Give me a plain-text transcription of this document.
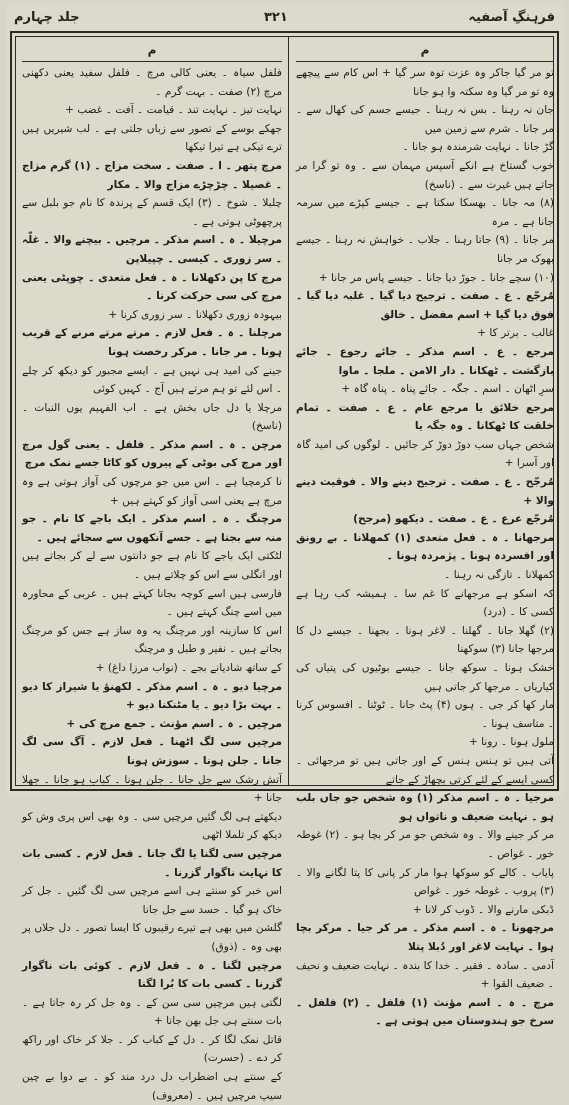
جلد چہارم	۳۲۱	فرہنگِ آصفیہ
م

تو مر گیا جاکر وہ عزت توہ سر گیا + اس کام سے پیچھے وہ تو مر گیا وہ سکتہ وا ہو جانا

جان نہ رہنا ۔ بس نہ رہنا ۔ جیسے جسم کی کھال سے ۔ مر جانا ۔ شرم سے زمین میں

گڑ جانا ۔ نہایت شرمندہ ہو جانا ۔

خوب گستاخ ہے انکے آسپس مہمان سے ۔ وہ تو گرا مر جاتے ہیں غیرت سے ۔ (ناسخ)

(۸) مہ جانا ۔ بھسکا سکتا ہے ۔ جیسے کپڑے میں سرمہ جانا ہے ۔ مرہ

مر جانا ۔ (۹) جاتا رہنا ۔ جلاب ۔ خواہش نہ رہنا ۔ جیسے بھوک مر جانا

(۱۰) سچے جانا ۔ جوڑ دیا جانا ۔ جیسے پاس مر جانا +

مُرجّع ۔ ع ۔ صفت ۔ ترجیح دیا گیا ۔ غلبہ دیا گیا ۔ فوق دیا گیا + اسم مفضل ۔ خالق

غالب ۔ برتر کا +

مرجع ۔ ع ۔ اسم مذکر ۔ جائے رجوع ۔ جائے بازگشت ۔ ٹھکانا ۔ دار الامن ۔ ملجا ۔ ماوا

سرِ اٹھان ۔ اسم ۔ جگہ ۔ جائے پناہ ۔ پناہ گاہ +

مرجع خلائق یا مرجع عام ۔ ع ۔ صفت ۔ تمام خلقت کا ٹھکانا ۔ وہ جگہ یا

شخص جہاں سب دوڑ دوڑ کر جائیں ۔ لوگوں کی امید گاہ اور آسرا +

مُرجّح ۔ ع ۔ صفت ۔ ترجیح دینے والا ۔ فوقیت دینے والا +

مُرجّع عرع ۔ ع ۔ صفت ۔ دیکھو (مرجح)

مرجھانا ۔ ہ ۔ فعل متعدی (۱) کمھلانا ۔ بے رونق اور افسردہ ہونا ۔ پژمردہ ہونا ۔

کمھلانا ۔ تازگی نہ رہنا ۔

کہ اسکو ہے مرجھانے کا غم سا ۔ ہمیشہ کب رہا ہے کسی کا ۔ (درد)

(۲) گھلا جانا ۔ گھلنا ۔ لاغر ہونا ۔ بجھنا ۔ جیسے دل کا مرجھا جانا (۳) سوکھنا

خشک ہونا ۔ سوکھ جانا ۔ جیسے بوٹیوں کی پتیاں کی کیاریاں ۔ مرجھا کر جاتی ہیں

مار کھا کر جی ۔ ہوں (۴) پٹ جانا ۔ ٹوٹنا ۔ افسوس کرنا ۔ متاسف ہونا ۔

ملول ہونا ۔ رونا +

آتی ہیں تو ہنس ہنس کے اور جاتی ہیں تو مرجھائی ۔ کسی ایسے کے لئے کرتی بچھاڑ کے جاتے

مرجیا ۔ ہ ۔ اسم مذکر (۱) وہ شخص جو جاں بلب ہو ۔ نہایت ضعیف و ناتواں ہو

مر کر جینے والا ۔ وہ شخص جو مر کر بچا ہو ۔ (۲) غوطہ خور ۔ غواص ۔

پایاب ۔ کالے کو سوکھا ہوا مار کر پانی کا پتا لگانے والا ۔ (۳) پروب ۔ غوطہ خور ۔ غواص

ڈبکی مارنے والا ۔ ڈوب کر لانا +

مرچھونا ۔ ہ ۔ اسم مذکر ۔ مر کر جیا ۔ مرکر بچا ہوا ۔ نہایت لاغر اور دُبلا پتلا

آدمی ۔ سادہ ۔ فقیر ۔ خدا کا بندہ ۔ نہایت ضعیف و نحیف ۔ ضعیف القوا +

مرچ ۔ ہ ۔ اسم مؤنث (۱) فلفل ۔ (۲) فلفل ۔ سرخ جو ہندوستان میں ہوتی ہے ۔

م

فلفل سیاہ ۔ یعنی کالی مرچ ۔ فلفل سفید یعنی دکھنی مرچ (۲) صفت ۔ بہت گرم ۔

نہایت تیز ۔ نہایت تند ۔ قیامت ۔ آفت ۔ غضب +

جھکے بوسے کے تصور سے زباں جلتی ہے ۔ لب شیریں ہیں ترے تیکی ہے تیرا تیکھا

مرچ پتھر ۔ ا ۔ صفت ۔ سخت مزاج ۔ (۱) گرم مزاج ۔ غصیلا ۔ چڑچڑے مزاج والا ۔ مکار

چلبلا ۔ شوخ ۔ (۳) ایک قسم کے پرندہ کا نام جو بلبل سے پرچھوٹی ہوتی ہے ۔

مرچیلا ۔ ہ ۔ اسم مذکر ۔ مرچیں ۔ بیچنے والا ۔ غلّہ ۔ سر زوری ۔ کیسی ۔ چپیلاپن

مرچ کا پن دکھلانا ۔ ہ ۔ فعل متعدی ۔ چوپٹی یعنی مرچ کی سی حرکت کرنا ۔

بیہودہ زوری دکھلانا ۔ سر زوری کرنا +

مرچلنا ۔ ہ ۔ فعل لازم ۔ مرتے مرتے مرنے کے قریب ہونا ۔ مر جانا ۔ مرکر رخصت ہونا

جینے کی امید ہی نہیں ہے ۔ ایسے مجبور کو دیکھ کر چلے ۔ اس لئے تو ہم مرتے ہیں آج ۔ کہیں کوئی

مرچلا یا دل جاں بخش ہے ۔ اب الفہیم یوں النبات ۔ (ناسخ)

مرچن ۔ ہ ۔ اسم مذکر ۔ فلفل ۔ یعنی گول مرچ اور مرچ کی بوٹی کے پیروں کو کاٹا جسے نمک مرچ

نا کرمچیا ہے ۔ اس میں جو مرچوں کی آواز ہوتی ہے وہ مرچ ہے یعنی اسی آواز کو کہتے ہیں +

مرچنگ ۔ ہ ۔ اسم مذکر ۔ ایک باجے کا نام ۔ جو منہ سے بجتا ہے ۔ جسے آنکھوں سے سجائے ہیں ۔

لٹکتی ایک باجے کا نام ہے جو دانتوں سے لے کر بجاتے ہیں اور انگلی سے اس کو چلاتے ہیں ۔

فارسی ہیں اسے کوچہ بجانا کہتے ہیں ۔ عربی کے محاورہ میں اسے چنگ کہتے ہیں ۔

اس کا سازینہ اور مرچنگ یہ وہ ساز ہے جس کو مرچنگ بجاتے ہیں ۔ نفیر و طبل و مرچنگ

کے ساتھ شادیانے بجے ۔ (نواب مرزا داغ) +

مرچیا دیو ۔ ہ ۔ اسم مذکر ۔ لکھنؤ یا شیراز کا دیو ۔ بہت بڑا دیو ۔ یا مٹنکنا دیو +

مرچیں ۔ ہ ۔ اسم مؤنث ۔ جمع مرچ کی +

مرچیں سی لگ اٹھنا ۔ فعل لازم ۔ آگ سی لگ جانا ۔ جلن ہونا ۔ سوزش ہونا

آتش رشک سے جل جانا ۔ جلن ہونا ۔ کباب ہو جانا ۔ جھلا جانا +

دیکھتے ہی لگ گئیں مرچیں سی ۔ وہ بھی اس پری وش کو دیکھ کر تلملا اٹھی

مرچیں سی لگنا یا لگ جانا ۔ فعل لازم ۔ کسی بات کا نہایت ناگوار گزرنا ۔

اس خبر کو سنتے ہی اسے مرچیں سی لگ گئیں ۔ جل کر خاک ہو گیا ۔ حسد سے جل جانا

گلشن میں بھی ہے تیرے رقیبوں کا ایسا تصور ۔ دل جلاں پر بھی وہ ۔ (ذوق)

مرچیں لگنا ۔ ہ ۔ فعل لازم ۔ کوئی بات ناگوار گزرنا ۔ کسی بات کا بُرا لگنا

لگتی ہیں مرچیں سی سن کے ۔ وہ جل کر رہ جاتا ہے ۔ بات سنتے ہی جل بھن جانا +

قاتل نمک لگا کر ۔ دل کے کباب کر ۔ جلا کر خاک اور راکھ کر دے ۔ (حسرت)

کے سنتے ہی اضطراب دل درد مند کو ۔ بے دوا بے چین سیپ مرچیں ہیں ۔ (معروف)
